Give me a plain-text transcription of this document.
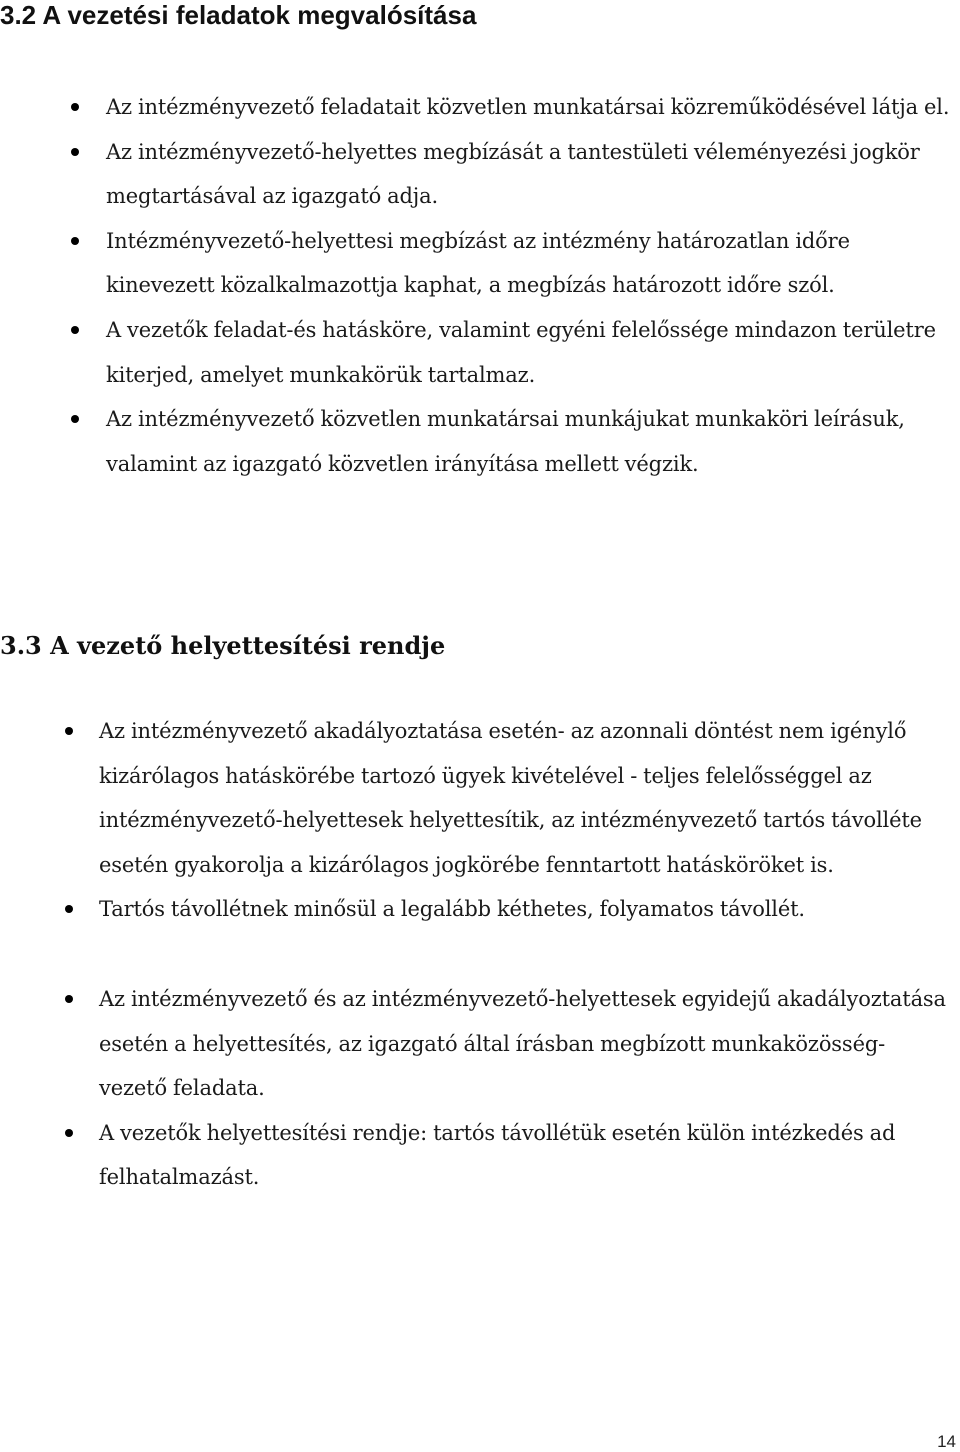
3.2 A vezetési feladatok megvalósítása
Az intézményvezető feladatait közvetlen munkatársai közreműködésével látja el.
Az intézményvezető-helyettes megbízását a tantestületi véleményezési jogkör megtartásával az igazgató adja.
Intézményvezető-helyettesi megbízást az intézmény határozatlan időre kinevezett közalkalmazottja kaphat, a megbízás határozott időre szól.
A vezetők feladat-és hatásköre, valamint egyéni felelőssége mindazon területre kiterjed, amelyet munkakörük tartalmaz.
Az intézményvezető közvetlen munkatársai munkájukat munkaköri leírásuk, valamint az igazgató közvetlen irányítása mellett végzik.
3.3 A vezető helyettesítési rendje
Az intézményvezető akadályoztatása esetén- az azonnali döntést nem igénylő kizárólagos hatáskörébe tartozó ügyek kivételével - teljes felelősséggel az intézményvezető-helyettesek helyettesítik, az intézményvezető tartós távolléte esetén gyakorolja a kizárólagos jogkörébe fenntartott hatásköröket is.
Tartós távollétnek minősül a legalább kéthetes, folyamatos távollét.
Az intézményvezető és az intézményvezető-helyettesek egyidejű akadályoztatása esetén a helyettesítés, az igazgató által írásban megbízott munkaközösség-vezető feladata.
A vezetők helyettesítési rendje: tartós távollétük esetén külön intézkedés ad felhatalmazást.
14
